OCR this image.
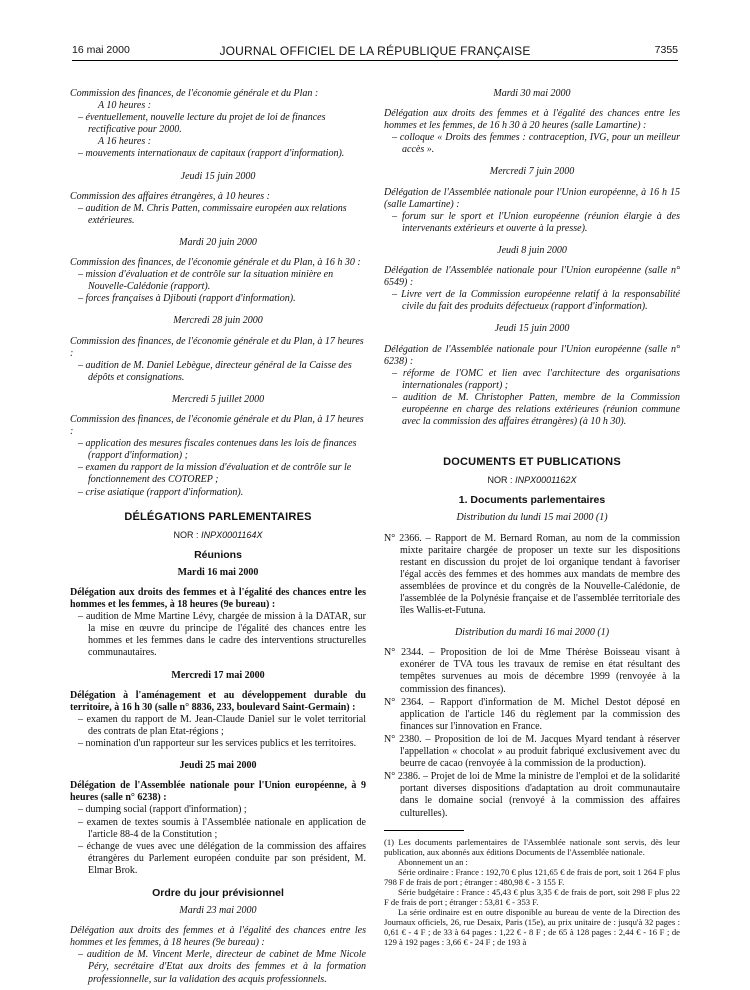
16 mai 2000	JOURNAL OFFICIEL DE LA RÉPUBLIQUE FRANÇAISE	7355

Commission des finances, de l'économie générale et du Plan :

A 10 heures :

– éventuellement, nouvelle lecture du projet de loi de finances rectificative pour 2000.

A 16 heures :

– mouvements internationaux de capitaux (rapport d'information).

Jeudi 15 juin 2000

Commission des affaires étrangères, à 10 heures :

– audition de M. Chris Patten, commissaire européen aux relations extérieures.

Mardi 20 juin 2000

Commission des finances, de l'économie générale et du Plan, à 16 h 30 :

– mission d'évaluation et de contrôle sur la situation minière en Nouvelle-Calédonie (rapport).

– forces françaises à Djibouti (rapport d'information).

Mercredi 28 juin 2000

Commission des finances, de l'économie générale et du Plan, à 17 heures :

– audition de M. Daniel Lebègue, directeur général de la Caisse des dépôts et consignations.

Mercredi 5 juillet 2000

Commission des finances, de l'économie générale et du Plan, à 17 heures :

– application des mesures fiscales contenues dans les lois de finances (rapport d'information) ;

– examen du rapport de la mission d'évaluation et de contrôle sur le fonctionnement des COTOREP ;

– crise asiatique (rapport d'information).

DÉLÉGATIONS PARLEMENTAIRES

NOR : INPX0001164X

Réunions

Mardi 16 mai 2000

Délégation aux droits des femmes et à l'égalité des chances entre les hommes et les femmes, à 18 heures (9e bureau) :

– audition de Mme Martine Lévy, chargée de mission à la DATAR, sur la mise en œuvre du principe de l'égalité des chances entre les hommes et les femmes dans le cadre des interventions structurelles communautaires.

Mercredi 17 mai 2000

Délégation à l'aménagement et au développement durable du territoire, à 16 h 30 (salle n° 8836, 233, boulevard Saint-Germain) :

– examen du rapport de M. Jean-Claude Daniel sur le volet territorial des contrats de plan Etat-régions ;

– nomination d'un rapporteur sur les services publics et les territoires.

Jeudi 25 mai 2000

Délégation de l'Assemblée nationale pour l'Union européenne, à 9 heures (salle n° 6238) :

– dumping social (rapport d'information) ;

– examen de textes soumis à l'Assemblée nationale en application de l'article 88-4 de la Constitution ;

– échange de vues avec une délégation de la commission des affaires étrangères du Parlement européen conduite par son président, M. Elmar Brok.

Ordre du jour prévisionnel

Mardi 23 mai 2000

Délégation aux droits des femmes et à l'égalité des chances entre les hommes et les femmes, à 18 heures (9e bureau) :

– audition de M. Vincent Merle, directeur de cabinet de Mme Nicole Péry, secrétaire d'Etat aux droits des femmes et à la formation professionnelle, sur la validation des acquis professionnels.

Mardi 30 mai 2000

Délégation aux droits des femmes et à l'égalité des chances entre les hommes et les femmes, de 16 h 30 à 20 heures (salle Lamartine) :

– colloque « Droits des femmes : contraception, IVG, pour un meilleur accès ».

Mercredi 7 juin 2000

Délégation de l'Assemblée nationale pour l'Union européenne, à 16 h 15 (salle Lamartine) :

– forum sur le sport et l'Union européenne (réunion élargie à des intervenants extérieurs et ouverte à la presse).

Jeudi 8 juin 2000

Délégation de l'Assemblée nationale pour l'Union européenne (salle n° 6549) :

– Livre vert de la Commission européenne relatif à la responsabilité civile du fait des produits défectueux (rapport d'information).

Jeudi 15 juin 2000

Délégation de l'Assemblée nationale pour l'Union européenne (salle n° 6238) :

– réforme de l'OMC et lien avec l'architecture des organisations internationales (rapport) ;

– audition de M. Christopher Patten, membre de la Commission européenne en charge des relations extérieures (réunion commune avec la commission des affaires étrangères) (à 10 h 30).

DOCUMENTS ET PUBLICATIONS

NOR : INPX0001162X

1. Documents parlementaires

Distribution du lundi 15 mai 2000 (1)

N° 2366. – Rapport de M. Bernard Roman, au nom de la commission mixte paritaire chargée de proposer un texte sur les dispositions restant en discussion du projet de loi organique tendant à favoriser l'égal accès des femmes et des hommes aux mandats de membre des assemblées de province et du congrès de la Nouvelle-Calédonie, de l'assemblée de la Polynésie française et de l'assemblée territoriale des îles Wallis-et-Futuna.

Distribution du mardi 16 mai 2000 (1)

N° 2344. – Proposition de loi de Mme Thérèse Boisseau visant à exonérer de TVA tous les travaux de remise en état résultant des tempêtes survenues au mois de décembre 1999 (renvoyée à la commission des finances).

N° 2364. – Rapport d'information de M. Michel Destot déposé en application de l'article 146 du règlement par la commission des finances sur l'innovation en France.

N° 2380. – Proposition de loi de M. Jacques Myard tendant à réserver l'appellation « chocolat » au produit fabriqué exclusivement avec du beurre de cacao (renvoyée à la commission de la production).

N° 2386. – Projet de loi de Mme la ministre de l'emploi et de la solidarité portant diverses dispositions d'adaptation au droit communautaire dans le domaine social (renvoyé à la commission des affaires culturelles).

(1) Les documents parlementaires de l'Assemblée nationale sont servis, dès leur publication, aux abonnés aux éditions Documents de l'Assemblée nationale.

Abonnement un an :

Série ordinaire : France : 192,70 € plus 121,65 € de frais de port, soit 1 264 F plus 798 F de frais de port ; étranger : 480,98 € - 3 155 F.

Série budgétaire : France : 45,43 € plus 3,35 € de frais de port, soit 298 F plus 22 F de frais de port ; étranger : 53,81 € - 353 F.

La série ordinaire est en outre disponible au bureau de vente de la Direction des Journaux officiels, 26, rue Desaix, Paris (15e), au prix unitaire de : jusqu'à 32 pages : 0,61 € - 4 F ; de 33 à 64 pages : 1,22 € - 8 F ; de 65 à 128 pages : 2,44 € - 16 F ; de 129 à 192 pages : 3,66 € - 24 F ; de 193 à
